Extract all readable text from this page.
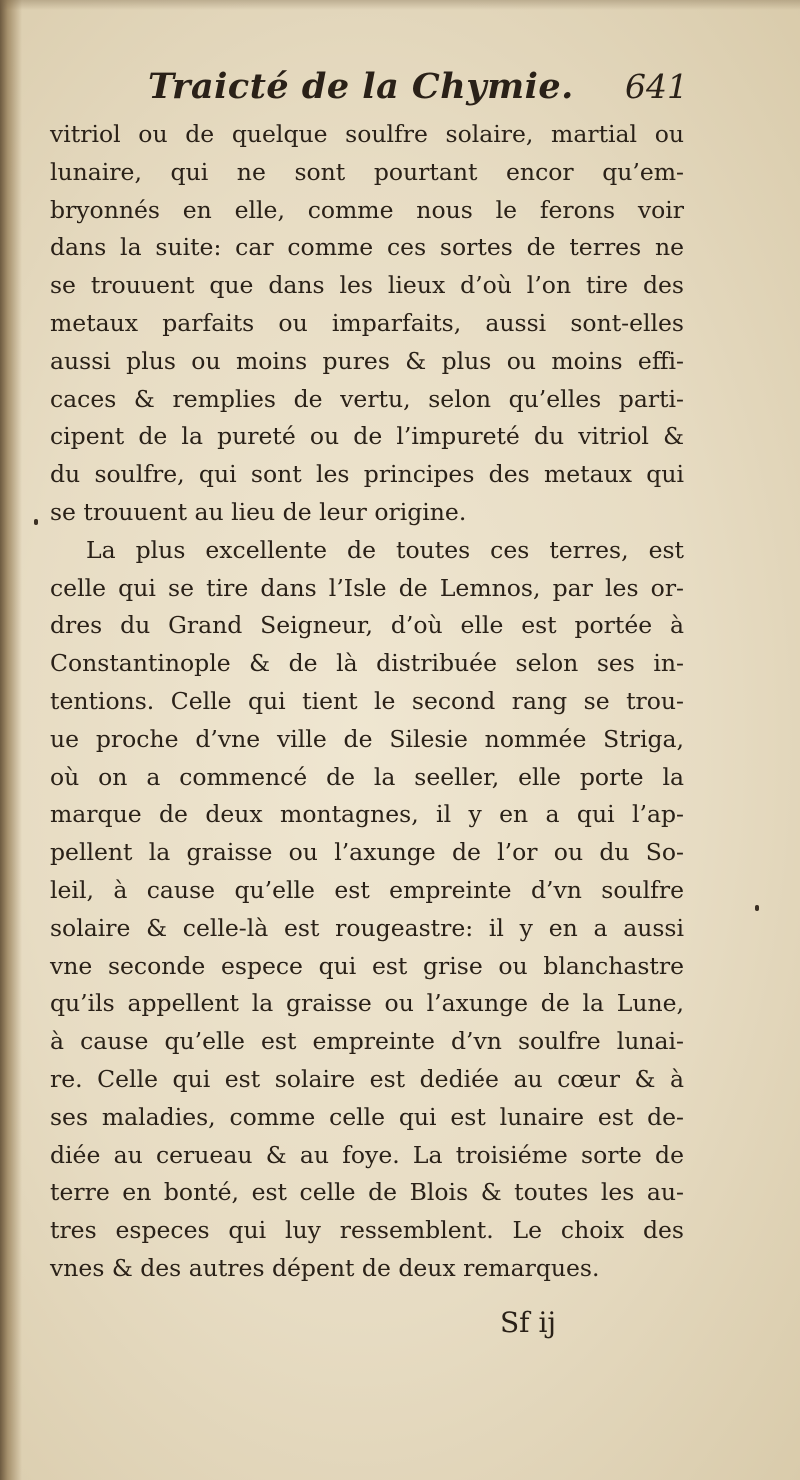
Traicté de la Chymie. 641
vitriol ou de quelque soulfre solaire, martial ou
lunaire, qui ne sont pourtant encor qu’em-
bryonnés en elle, comme nous le ferons voir
dans la suite: car comme ces sortes de terres ne
se trouuent que dans les lieux d’où l’on tire des
metaux parfaits ou imparfaits, aussi sont-elles
aussi plus ou moins pures & plus ou moins effi-
caces & remplies de vertu, selon qu’elles parti-
cipent de la pureté ou de l’impureté du vitriol &
du soulfre, qui sont les principes des metaux qui
se trouuent au lieu de leur origine.
La plus excellente de toutes ces terres, est
celle qui se tire dans l’Isle de Lemnos, par les or-
dres du Grand Seigneur, d’où elle est portée à
Constantinople & de là distribuée selon ses in-
tentions. Celle qui tient le second rang se trou-
ue proche d’vne ville de Silesie nommée Striga,
où on a commencé de la seeller, elle porte la
marque de deux montagnes, il y en a qui l’ap-
pellent la graisse ou l’axunge de l’or ou du So-
leil, à cause qu’elle est empreinte d’vn soulfre
solaire & celle-là est rougeastre: il y en a aussi
vne seconde espece qui est grise ou blanchastre
qu’ils appellent la graisse ou l’axunge de la Lune,
à cause qu’elle est empreinte d’vn soulfre lunai-
re. Celle qui est solaire est dediée au cœur & à
ses maladies, comme celle qui est lunaire est de-
diée au cerueau & au foye. La troisiéme sorte de
terre en bonté, est celle de Blois & toutes les au-
tres especes qui luy ressemblent. Le choix des
vnes & des autres dépent de deux remarques.
Sf ij
